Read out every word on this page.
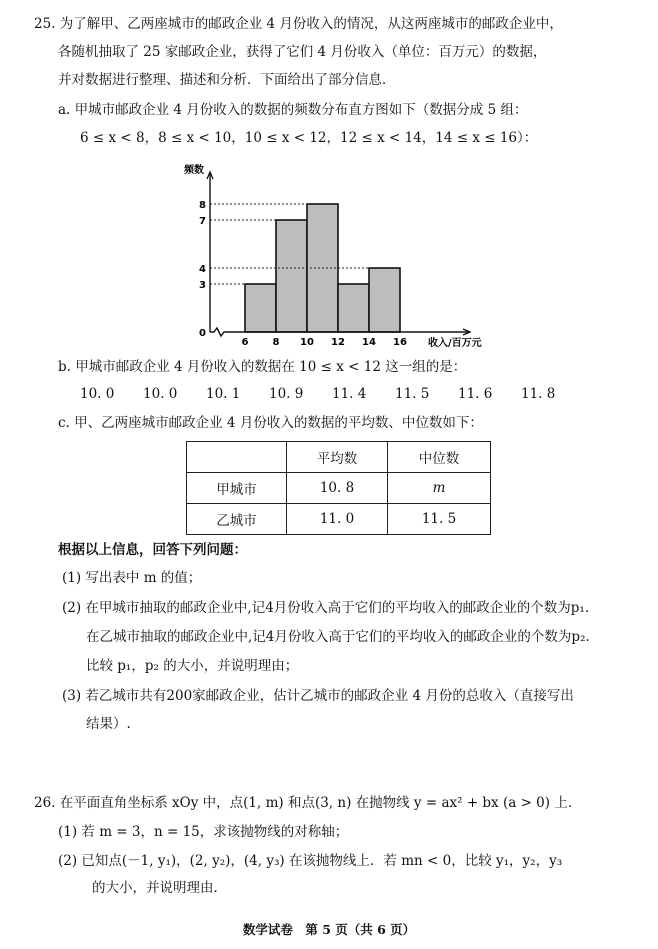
25. 为了解甲、乙两座城市的邮政企业 4 月份收入的情况，从这两座城市的邮政企业中，
各随机抽取了 25 家邮政企业，获得了它们 4 月份收入（单位：百万元）的数据，
并对数据进行整理、描述和分析．下面给出了部分信息．
a. 甲城市邮政企业 4 月份收入的数据的频数分布直方图如下（数据分成 5 组：
6 ≤ x < 8，8 ≤ x < 10，10 ≤ x < 12，12 ≤ x < 14，14 ≤ x ≤ 16）：
0
3
4
7
8
6 8 10 12 14 16
频数
收入/百万元
b. 甲城市邮政企业 4 月份收入的数据在 10 ≤ x < 12 这一组的是：
10. 0 10. 0 10. 1 10. 9 11. 4 11. 5 11. 6 11. 8
c. 甲、乙两座城市邮政企业 4 月份收入的数据的平均数、中位数如下：
	平均数	中位数
甲城市	10. 8	m
乙城市	11. 0	11. 5
根据以上信息，回答下列问题：
(1) 写出表中 m 的值；
(2) 在甲城市抽取的邮政企业中,记4月份收入高于它们的平均收入的邮政企业的个数为p₁.
在乙城市抽取的邮政企业中,记4月份收入高于它们的平均收入的邮政企业的个数为p₂.
比较 p₁，p₂ 的大小，并说明理由；
(3) 若乙城市共有200家邮政企业，估计乙城市的邮政企业 4 月份的总收入（直接写出
结果）.
26. 在平面直角坐标系 xOy 中，点(1, m) 和点(3, n) 在抛物线 y = ax² + bx (a > 0) 上．
(1) 若 m = 3，n = 15，求该抛物线的对称轴；
(2) 已知点(－1, y₁)，(2, y₂)，(4, y₃) 在该抛物线上．若 mn < 0，比较 y₁，y₂，y₃
的大小，并说明理由．
数学试卷　第 5 页（共 6 页）
